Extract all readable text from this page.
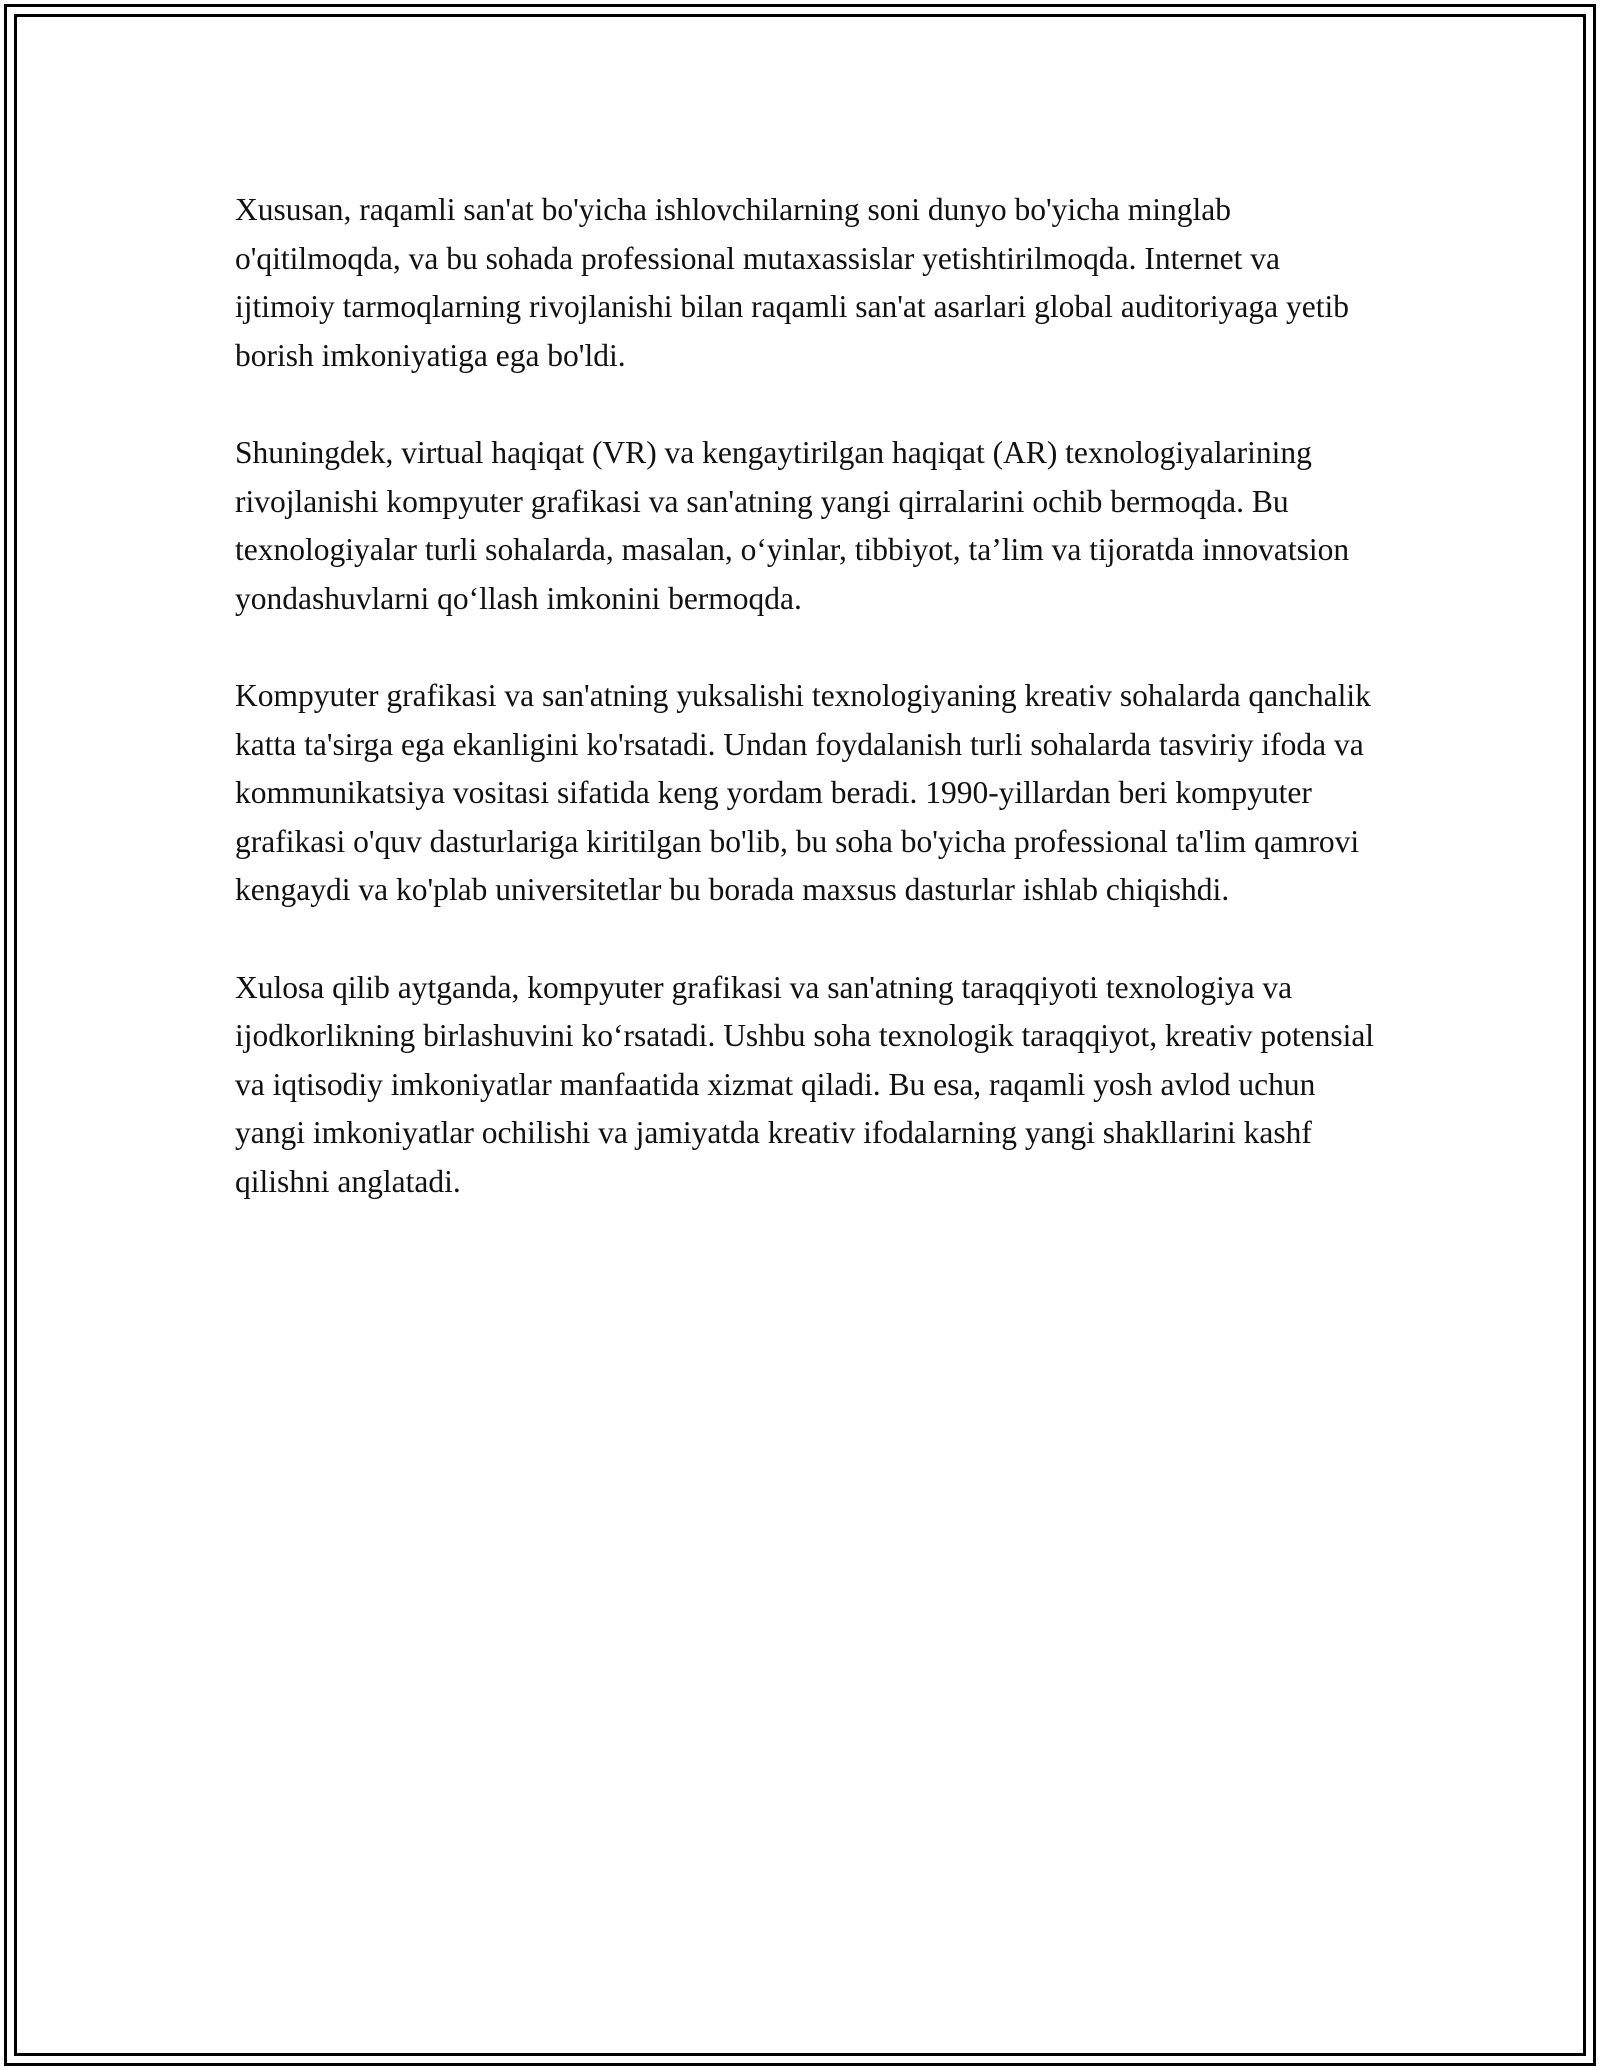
Xususan, raqamli san'at bo'yicha ishlovchilarning soni dunyo bo'yicha minglab o'qitilmoqda, va bu sohada professional mutaxassislar yetishtirilmoqda. Internet va ijtimoiy tarmoqlarning rivojlanishi bilan raqamli san'at asarlari global auditoriyaga yetib borish imkoniyatiga ega bo'ldi.

Shuningdek, virtual haqiqat (VR) va kengaytirilgan haqiqat (AR) texnologiyalarining rivojlanishi kompyuter grafikasi va san'atning yangi qirralarini ochib bermoqda. Bu texnologiyalar turli sohalarda, masalan, o‘yinlar, tibbiyot, ta’lim va tijoratda innovatsion yondashuvlarni qo‘llash imkonini bermoqda.

Kompyuter grafikasi va san'atning yuksalishi texnologiyaning kreativ sohalarda qanchalik katta ta'sirga ega ekanligini ko'rsatadi. Undan foydalanish turli sohalarda tasviriy ifoda va kommunikatsiya vositasi sifatida keng yordam beradi. 1990-yillardan beri kompyuter grafikasi o'quv dasturlariga kiritilgan bo'lib, bu soha bo'yicha professional ta'lim qamrovi kengaydi va ko'plab universitetlar bu borada maxsus dasturlar ishlab chiqishdi.

Xulosa qilib aytganda, kompyuter grafikasi va san'atning taraqqiyoti texnologiya va ijodkorlikning birlashuvini ko‘rsatadi. Ushbu soha texnologik taraqqiyot, kreativ potensial va iqtisodiy imkoniyatlar manfaatida xizmat qiladi. Bu esa, raqamli yosh avlod uchun yangi imkoniyatlar ochilishi va jamiyatda kreativ ifodalarning yangi shakllarini kashf qilishni anglatadi.
